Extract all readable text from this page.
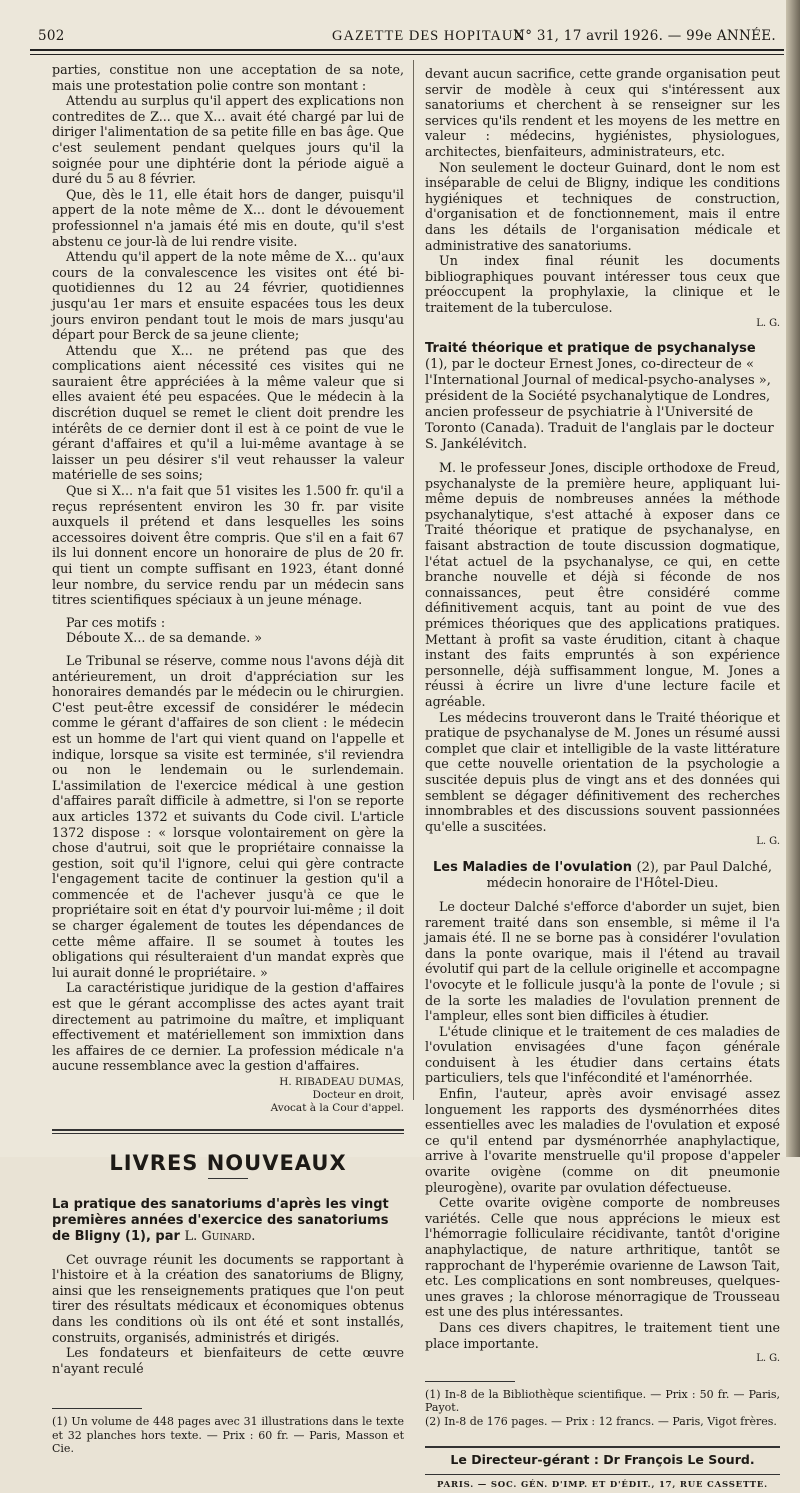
502	GAZETTE DES HOPITAUX
N° 31, 17 avril 1926. — 99e ANNÉE.

parties, constitue non une acceptation de sa note, mais une protestation polie contre son montant :

Attendu au surplus qu'il appert des explications non contredites de Z... que X... avait été chargé par lui de diriger l'alimentation de sa petite fille en bas âge. Que c'est seulement pendant quelques jours qu'il la soignée pour une diphtérie dont la période aiguë a duré du 5 au 8 février.

Que, dès le 11, elle était hors de danger, puisqu'il appert de la note même de X... dont le dévouement professionnel n'a jamais été mis en doute, qu'il s'est abstenu ce jour-là de lui rendre visite.

Attendu qu'il appert de la note même de X... qu'aux cours de la convalescence les visites ont été bi-quotidiennes du 12 au 24 février, quotidiennes jusqu'au 1er mars et ensuite espacées tous les deux jours environ pendant tout le mois de mars jusqu'au départ pour Berck de sa jeune cliente;

Attendu que X... ne prétend pas que des complications aient nécessité ces visites qui ne sauraient être appréciées à la même valeur que si elles avaient été peu espacées. Que le médecin à la discrétion duquel se remet le client doit prendre les intérêts de ce dernier dont il est à ce point de vue le gérant d'affaires et qu'il a lui-même avantage à se laisser un peu désirer s'il veut rehausser la valeur matérielle de ses soins;

Que si X... n'a fait que 51 visites les 1.500 fr. qu'il a reçus représentent environ les 30 fr. par visite auxquels il prétend et dans lesquelles les soins accessoires doivent être compris. Que s'il en a fait 67 ils lui donnent encore un honoraire de plus de 20 fr. qui tient un compte suffisant en 1923, étant donné leur nombre, du service rendu par un médecin sans titres scientifiques spéciaux à un jeune ménage.

Par ces motifs :

Déboute X... de sa demande. »

Le Tribunal se réserve, comme nous l'avons déjà dit antérieurement, un droit d'appréciation sur les honoraires demandés par le médecin ou le chirurgien. C'est peut-être excessif de considérer le médecin comme le gérant d'affaires de son client : le médecin est un homme de l'art qui vient quand on l'appelle et indique, lorsque sa visite est terminée, s'il reviendra ou non le lendemain ou le surlendemain. L'assimilation de l'exercice médical à une gestion d'affaires paraît difficile à admettre, si l'on se reporte aux articles 1372 et suivants du Code civil. L'article 1372 dispose : « lorsque volontairement on gère la chose d'autrui, soit que le propriétaire connaisse la gestion, soit qu'il l'ignore, celui qui gère contracte l'engagement tacite de continuer la gestion qu'il a commencée et de l'achever jusqu'à ce que le propriétaire soit en état d'y pourvoir lui-même ; il doit se charger également de toutes les dépendances de cette même affaire. Il se soumet à toutes les obligations qui résulteraient d'un mandat exprès que lui aurait donné le propriétaire. »

La caractéristique juridique de la gestion d'affaires est que le gérant accomplisse des actes ayant trait directement au patrimoine du maître, et impliquant effectivement et matériellement son immixtion dans les affaires de ce dernier. La profession médicale n'a aucune ressemblance avec la gestion d'affaires.

H. RIBADEAU DUMAS,
Docteur en droit,
Avocat à la Cour d'appel.
LIVRES NOUVEAUX
La pratique des sanatoriums d'après les vingt premières années d'exercice des sanatoriums de Bligny (1), par L. Guinard.

Cet ouvrage réunit les documents se rapportant à l'histoire et à la création des sanatoriums de Bligny, ainsi que les renseignements pratiques que l'on peut tirer des résultats médicaux et économiques obtenus dans les conditions où ils ont été et sont installés, construits, organisés, administrés et dirigés.

Les fondateurs et bienfaiteurs de cette œuvre n'ayant reculé

(1) Un volume de 448 pages avec 31 illustrations dans le texte et 32 planches hors texte. — Prix : 60 fr. — Paris, Masson et Cie.

devant aucun sacrifice, cette grande organisation peut servir de modèle à ceux qui s'intéressent aux sanatoriums et cherchent à se renseigner sur les services qu'ils rendent et les moyens de les mettre en valeur : médecins, hygiénistes, physiologues, architectes, bienfaiteurs, administrateurs, etc.

Non seulement le docteur Guinard, dont le nom est inséparable de celui de Bligny, indique les conditions hygiéniques et techniques de construction, d'organisation et de fonctionnement, mais il entre dans les détails de l'organisation médicale et administrative des sanatoriums.

Un index final réunit les documents bibliographiques pouvant intéresser tous ceux que préoccupent la prophylaxie, la clinique et le traitement de la tuberculose.

L. G.
Traité théorique et pratique de psychanalyse (1), par le docteur Ernest Jones, co-directeur de « l'International Journal of medical-psycho-analyses », président de la Société psychanalytique de Londres, ancien professeur de psychiatrie à l'Université de Toronto (Canada). Traduit de l'anglais par le docteur S. Jankélévitch.

M. le professeur Jones, disciple orthodoxe de Freud, psychanalyste de la première heure, appliquant lui-même depuis de nombreuses années la méthode psychanalytique, s'est attaché à exposer dans ce Traité théorique et pratique de psychanalyse, en faisant abstraction de toute discussion dogmatique, l'état actuel de la psychanalyse, ce qui, en cette branche nouvelle et déjà si féconde de nos connaissances, peut être considéré comme définitivement acquis, tant au point de vue des prémices théoriques que des applications pratiques. Mettant à profit sa vaste érudition, citant à chaque instant des faits empruntés à son expérience personnelle, déjà suffisamment longue, M. Jones a réussi à écrire un livre d'une lecture facile et agréable.

Les médecins trouveront dans le Traité théorique et pratique de psychanalyse de M. Jones un résumé aussi complet que clair et intelligible de la vaste littérature que cette nouvelle orientation de la psychologie a suscitée depuis plus de vingt ans et des données qui semblent se dégager définitivement des recherches innombrables et des discussions souvent passionnées qu'elle a suscitées.

L. G.
Les Maladies de l'ovulation (2), par Paul Dalché, médecin honoraire de l'Hôtel-Dieu.

Le docteur Dalché s'efforce d'aborder un sujet, bien rarement traité dans son ensemble, si même il l'a jamais été. Il ne se borne pas à considérer l'ovulation dans la ponte ovarique, mais il l'étend au travail évolutif qui part de la cellule originelle et accompagne l'ovocyte et le follicule jusqu'à la ponte de l'ovule ; si de la sorte les maladies de l'ovulation prennent de l'ampleur, elles sont bien difficiles à étudier.

L'étude clinique et le traitement de ces maladies de l'ovulation envisagées d'une façon générale conduisent à les étudier dans certains états particuliers, tels que l'infécondité et l'aménorrhée.

Enfin, l'auteur, après avoir envisagé assez longuement les rapports des dysménorrhées dites essentielles avec les maladies de l'ovulation et exposé ce qu'il entend par dysménorrhée anaphylactique, arrive à l'ovarite menstruelle qu'il propose d'appeler ovarite ovigène (comme on dit pneumonie pleurogène), ovarite par ovulation défectueuse.

Cette ovarite ovigène comporte de nombreuses variétés. Celle que nous apprécions le mieux est l'hémorragie folliculaire récidivante, tantôt d'origine anaphylactique, de nature arthritique, tantôt se rapprochant de l'hyperémie ovarienne de Lawson Tait, etc. Les complications en sont nombreuses, quelques-unes graves ; la chlorose ménorragique de Trousseau est une des plus intéressantes.

Dans ces divers chapitres, le traitement tient une place importante.

L. G.

(1) In-8 de la Bibliothèque scientifique. — Prix : 50 fr. — Paris, Payot.

(2) In-8 de 176 pages. — Prix : 12 francs. — Paris, Vigot frères.

Le Directeur-gérant : Dr François Le Sourd.
PARIS. — SOC. GÉN. D'IMP. ET D'ÉDIT., 17, RUE CASSETTE.
